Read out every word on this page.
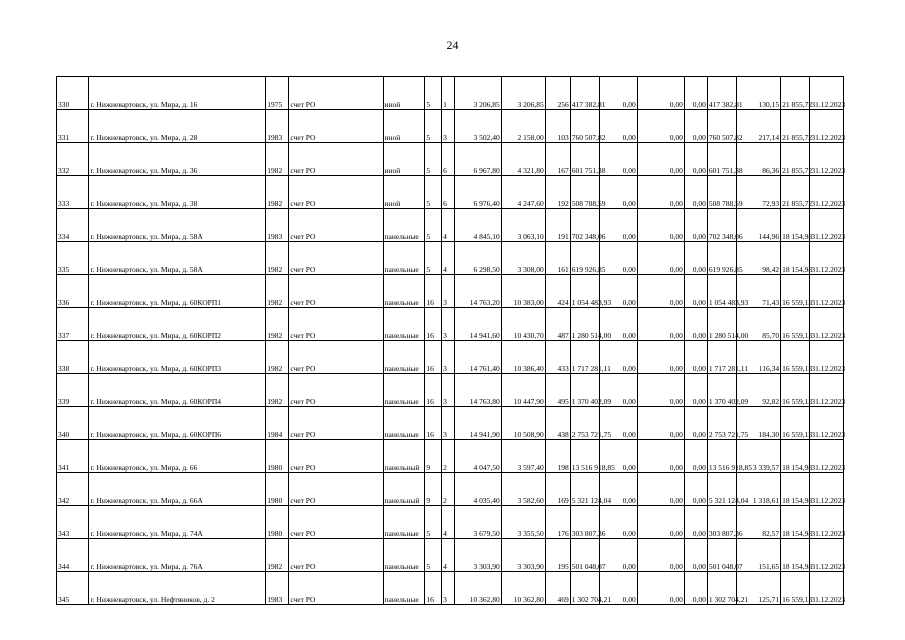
24
330	г. Нижневартовск, ул. Мира, д. 16	1975	счет РО	иной	5	1	3 206,85	3 206,85	256	417 382,81	0,00	0,00	0,00	417 382,81	130,15	21 855,72	31.12.2023
331	г. Нижневартовск, ул. Мира, д. 28	1983	счет РО	иной	5	3	3 502,40	2 158,00	103	760 507,82	0,00	0,00	0,00	760 507,82	217,14	21 855,72	31.12.2023
332	г. Нижневартовск, ул. Мира, д. 36	1982	счет РО	иной	5	6	6 967,80	4 321,80	167	601 751,38	0,00	0,00	0,00	601 751,38	86,36	21 855,72	31.12.2023
333	г. Нижневартовск, ул. Мира, д. 38	1982	счет РО	иной	5	6	6 976,40	4 247,60	192	508 788,59	0,00	0,00	0,00	508 788,59	72,93	21 855,72	31.12.2023
334	г. Нижневартовск, ул. Мира, д. 58А	1983	счет РО	панельные	5	4	4 845,10	3 063,10	191	702 348,06	0,00	0,00	0,00	702 348,06	144,96	18 154,98	31.12.2023
335	г. Нижневартовск, ул. Мира, д. 58А	1982	счет РО	панельные	5	4	6 298,50	3 308,00	161	619 926,85	0,00	0,00	0,00	619 926,85	98,42	18 154,98	31.12.2023
336	г. Нижневартовск, ул. Мира, д. 60КОРП1	1982	счет РО	панельные	16	3	14 763,20	10 383,00	424	1 054 483,93	0,00	0,00	0,00	1 054 483,93	71,43	16 559,13	31.12.2023
337	г. Нижневартовск, ул. Мира, д. 60КОРП2	1982	счет РО	панельные	16	3	14 941,60	10 430,70	487	1 280 514,00	0,00	0,00	0,00	1 280 514,00	85,70	16 559,13	31.12.2023
338	г. Нижневартовск, ул. Мира, д. 60КОРП3	1982	счет РО	панельные	16	3	14 761,40	10 386,40	433	1 717 281,11	0,00	0,00	0,00	1 717 281,11	116,34	16 559,13	31.12.2023
339	г. Нижневартовск, ул. Мира, д. 60КОРП4	1982	счет РО	панельные	16	3	14 763,80	10 447,90	495	1 370 402,09	0,00	0,00	0,00	1 370 402,09	92,82	16 559,13	31.12.2023
340	г. Нижневартовск, ул. Мира, д. 60КОРП6	1984	счет РО	панельные	16	3	14 941,90	10 508,90	438	2 753 721,75	0,00	0,00	0,00	2 753 721,75	184,30	16 559,13	31.12.2023
341	г. Нижневартовск, ул. Мира, д. 66	1980	счет РО	панельный	9	2	4 047,50	3 597,40	198	13 516 918,85	0,00	0,00	0,00	13 516 918,85	3 339,57	18 154,98	31.12.2023
342	г. Нижневартовск, ул. Мира, д. 66А	1980	счет РО	панельный	9	2	4 035,40	3 582,60	169	5 321 124,04	0,00	0,00	0,00	5 321 124,04	1 318,61	18 154,98	31.12.2023
343	г. Нижневартовск, ул. Мира, д. 74А	1980	счет РО	панельные	5	4	3 679,50	3 355,50	176	303 807,36	0,00	0,00	0,00	303 807,36	82,57	18 154,98	31.12.2023
344	г. Нижневартовск, ул. Мира, д. 76А	1982	счет РО	панельные	5	4	3 303,90	3 303,90	195	501 048,07	0,00	0,00	0,00	501 048,07	151,65	18 154,98	31.12.2023
345	г. Нижневартовск, ул. Нефтяников, д. 2	1983	счет РО	панельные	16	3	10 362,80	10 362,80	469	1 302 704,21	0,00	0,00	0,00	1 302 704,21	125,71	16 559,13	31.12.2023
